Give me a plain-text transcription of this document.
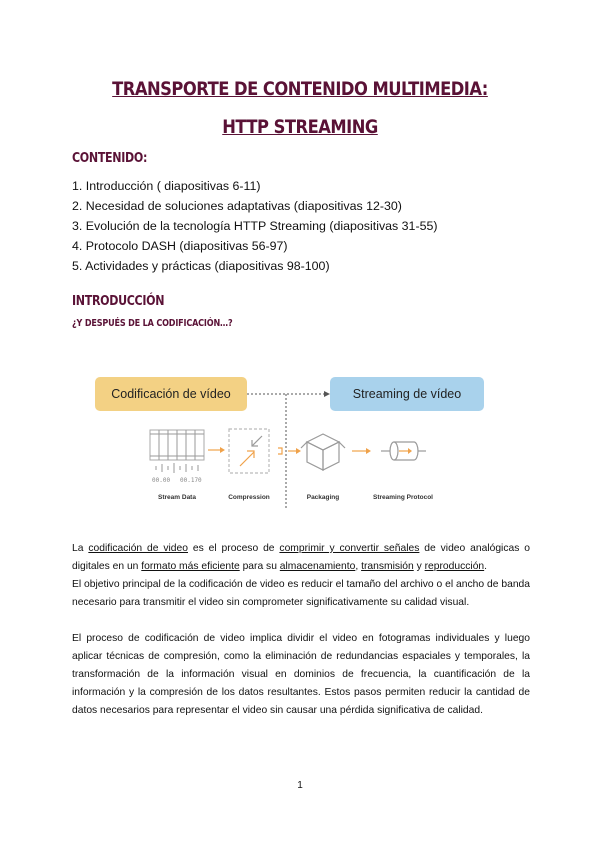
TRANSPORTE DE CONTENIDO MULTIMEDIA:
HTTP STREAMING
CONTENIDO:
1. Introducción ( diapositivas 6-11)
2. Necesidad de soluciones adaptativas (diapositivas 12-30)
3. Evolución de la tecnología HTTP Streaming (diapositivas 31-55)
4. Protocolo DASH (diapositivas 56-97)
5. Actividades y prácticas (diapositivas 98-100)
INTRODUCCIÓN
¿Y DESPUÉS DE LA CODIFICACIÓN…?
00.00 00.170
Codificación de vídeo	Streaming de vídeo
Stream Data	Compression	Packaging	Streaming Protocol

La codificación de video es el proceso de comprimir y convertir señales de video analógicas o digitales en un formato más eficiente para su almacenamiento, transmisión y reproducción.

El objetivo principal de la codificación de video es reducir el tamaño del archivo o el ancho de banda necesario para transmitir el video sin comprometer significativamente su calidad visual.

El proceso de codificación de video implica dividir el video en fotogramas individuales y luego aplicar técnicas de compresión, como la eliminación de redundancias espaciales y temporales, la transformación de la información visual en dominios de frecuencia, la cuantificación de la información y la compresión de los datos resultantes. Estos pasos permiten reducir la cantidad de datos necesarios para representar el video sin causar una pérdida significativa de calidad.

1
